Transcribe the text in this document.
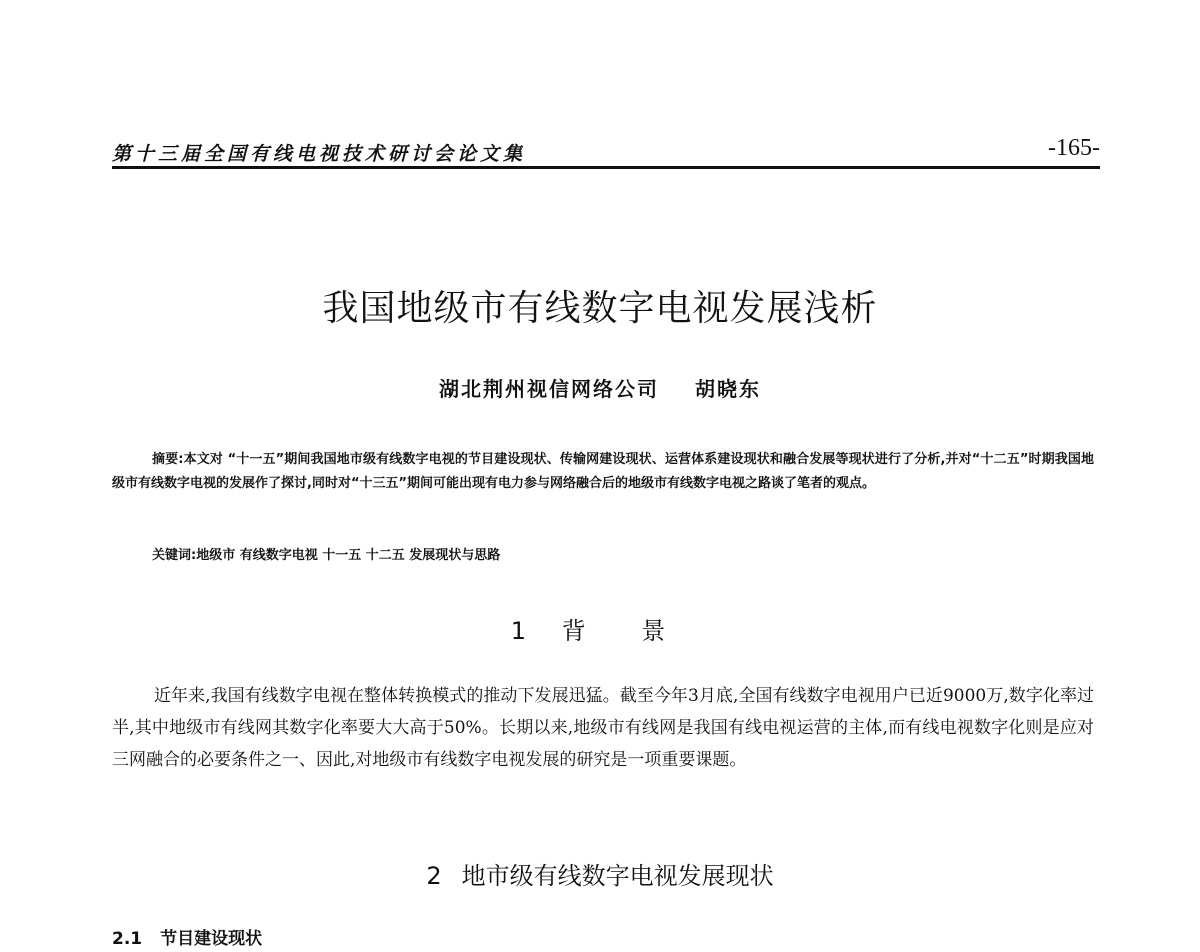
第十三届全国有线电视技术研讨会论文集	-165-
我国地级市有线数字电视发展浅析
湖北荆州视信网络公司 胡晓东

摘要:本文对 “十一五”期间我国地市级有线数字电视的节目建设现状、传输网建设现状、运营体系建设现状和融合发展等现状进行了分析,并对“十二五”时期我国地级市有线数字电视的发展作了探讨,同时对“十三五”期间可能出现有电力参与网络融合后的地级市有线数字电视之路谈了笔者的观点。

关键词:地级市 有线数字电视 十一五 十二五 发展现状与思路
1 背 景

近年来,我国有线数字电视在整体转换模式的推动下发展迅猛。截至今年3月底,全国有线数字电视用户已近9000万,数字化率过半,其中地级市有线网其数字化率要大大高于50%。长期以来,地级市有线网是我国有线电视运营的主体,而有线电视数字化则是应对三网融合的必要条件之一、因此,对地级市有线数字电视发展的研究是一项重要课题。

2 地市级有线数字电视发展现状
2.1 节目建设现状
